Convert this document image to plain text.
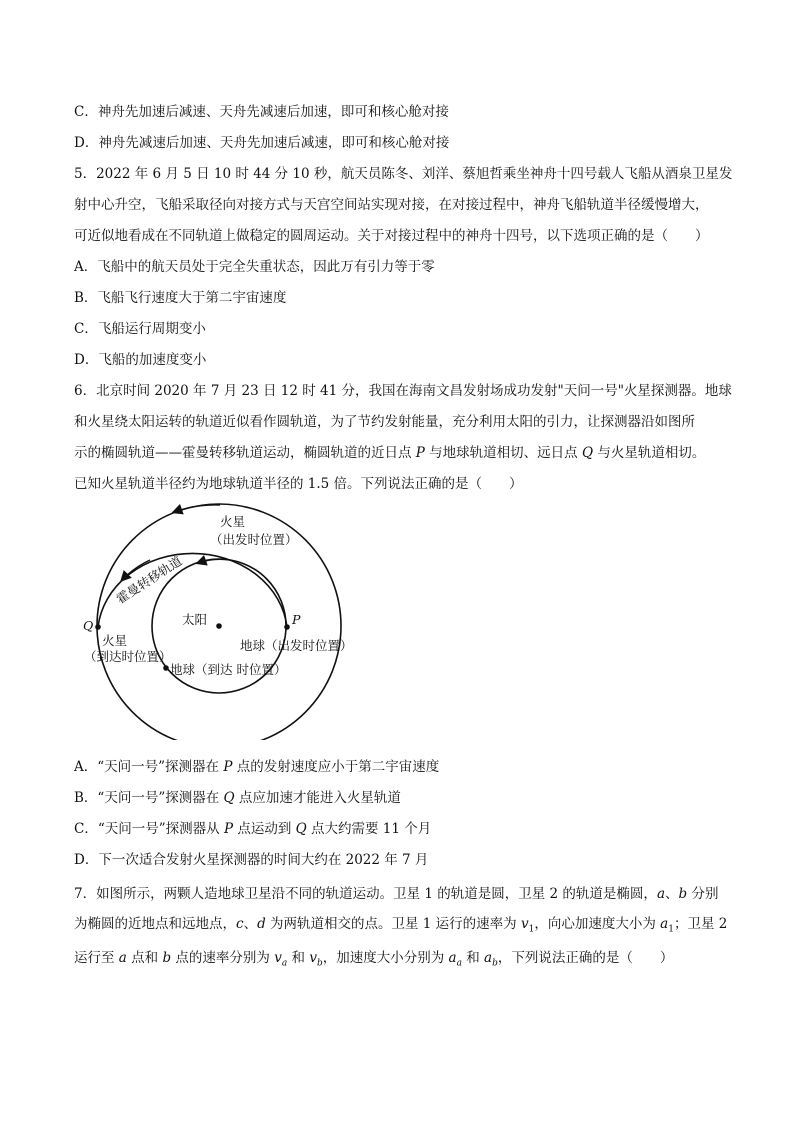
C．神舟先加速后减速、天舟先减速后加速，即可和核心舱对接
D．神舟先减速后加速、天舟先加速后减速，即可和核心舱对接
5．2022 年 6 月 5 日 10 时 44 分 10 秒，航天员陈冬、刘洋、蔡旭哲乘坐神舟十四号载人飞船从酒泉卫星发
射中心升空，飞船采取径向对接方式与天宫空间站实现对接，在对接过程中，神舟飞船轨道半径缓慢增大，
可近似地看成在不同轨道上做稳定的圆周运动。关于对接过程中的神舟十四号，以下选项正确的是（　　）
A．飞船中的航天员处于完全失重状态，因此万有引力等于零
B．飞船飞行速度大于第二宇宙速度
C．飞船运行周期变小
D．飞船的加速度变小
6．北京时间 2020 年 7 月 23 日 12 时 41 分，我国在海南文昌发射场成功发射"天问一号"火星探测器。地球
和火星绕太阳运转的轨道近似看作圆轨道，为了节约发射能量，充分利用太阳的引力，让探测器沿如图所
示的椭圆轨道——霍曼转移轨道运动，椭圆轨道的近日点 P 与地球轨道相切、远日点 Q 与火星轨道相切。
已知火星轨道半径约为地球轨道半径的 1.5 倍。下列说法正确的是（　　）
火星
（出发时位置）
霍曼转移轨道
太阳
Q	P
火星
（到达时位置）
地球（出发时位置）
地球（到达 时位置）
A．“天问一号”探测器在 P 点的发射速度应小于第二宇宙速度
B．“天问一号”探测器在 Q 点应加速才能进入火星轨道
C．“天问一号”探测器从 P 点运动到 Q 点大约需要 11 个月
D．下一次适合发射火星探测器的时间大约在 2022 年 7 月
7．如图所示，两颗人造地球卫星沿不同的轨道运动。卫星 1 的轨道是圆，卫星 2 的轨道是椭圆，a、b 分别
为椭圆的近地点和远地点，c、d 为两轨道相交的点。卫星 1 运行的速率为 $v_1$，向心加速度大小为 $a_1$；卫星 2
运行至 a 点和 b 点的速率分别为 $v_a$ 和 $v_b$，加速度大小分别为 $a_a$ 和 $a_b$，下列说法正确的是（　　）
